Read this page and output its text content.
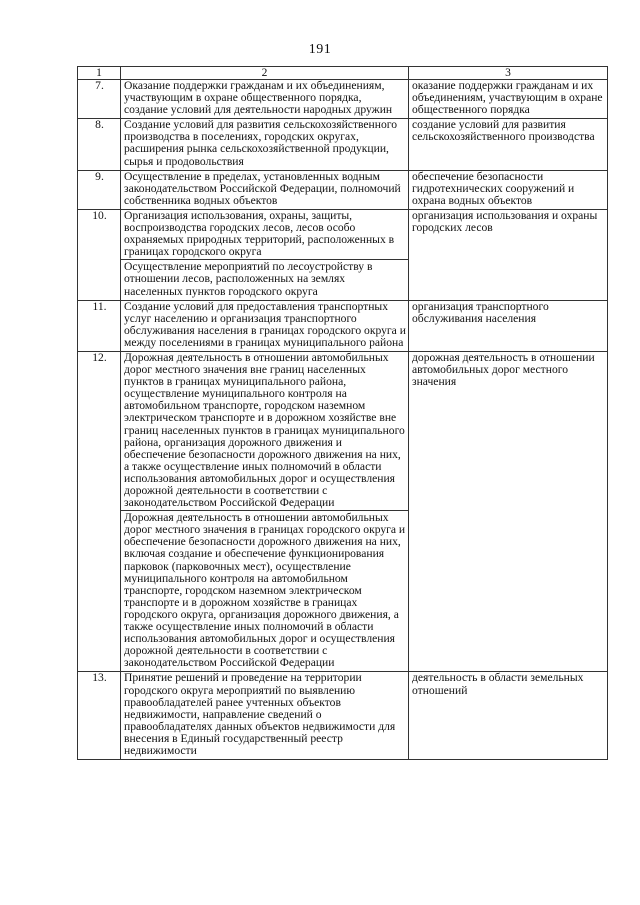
191
1	2	3
7.	Оказание поддержки гражданам и их объединениям, участвующим в охране общественного порядка, создание условий для деятельности народных дружин	оказание поддержки гражданам и их объединениям, участвующим в охране общественного порядка
8.	Создание условий для развития сельскохозяйственного производства в поселениях, городских округах, расширения рынка сельскохозяйственной продукции, сырья и продовольствия	создание условий для развития сельскохозяйственного производства
9.	Осуществление в пределах, установленных водным законодательством Российской Федерации, полномочий собственника водных объектов	обеспечение безопасности гидротехнических сооружений и охрана водных объектов
10.	Организация использования, охраны, защиты, воспроизводства городских лесов, лесов особо охраняемых природных территорий, расположенных в границах городского округа
Осуществление мероприятий по лесоустройству в отношении лесов, расположенных на землях населенных пунктов городского округа	организация использования и охраны городских лесов
11.	Создание условий для предоставления транспортных услуг населению и организация транспортного обслуживания населения в границах городского округа и между поселениями в границах муниципального района	организация транспортного обслуживания населения
12.	Дорожная деятельность в отношении автомобильных дорог местного значения вне границ населенных пунктов в границах муниципального района, осуществление муниципального контроля на автомобильном транспорте, городском наземном электрическом транспорте и в дорожном хозяйстве вне границ населенных пунктов в границах муниципального района, организация дорожного движения и обеспечение безопасности дорожного движения на них, а также осуществление иных полномочий в области использования автомобильных дорог и осуществления дорожной деятельности в соответствии с законодательством Российской Федерации
Дорожная деятельность в отношении автомобильных дорог местного значения в границах городского округа и обеспечение безопасности дорожного движения на них, включая создание и обеспечение функционирования парковок (парковочных мест), осуществление муниципального контроля на автомобильном транспорте, городском наземном электрическом транспорте и в дорожном хозяйстве в границах городского округа, организация дорожного движения, а также осуществление иных полномочий в области использования автомобильных дорог и осуществления дорожной деятельности в соответствии с законодательством Российской Федерации	дорожная деятельность в отношении автомобильных дорог местного значения
13.	Принятие решений и проведение на территории городского округа мероприятий по выявлению правообладателей ранее учтенных объектов недвижимости, направление сведений о правообладателях данных объектов недвижимости для внесения в Единый государственный реестр недвижимости	деятельность в области земельных отношений
